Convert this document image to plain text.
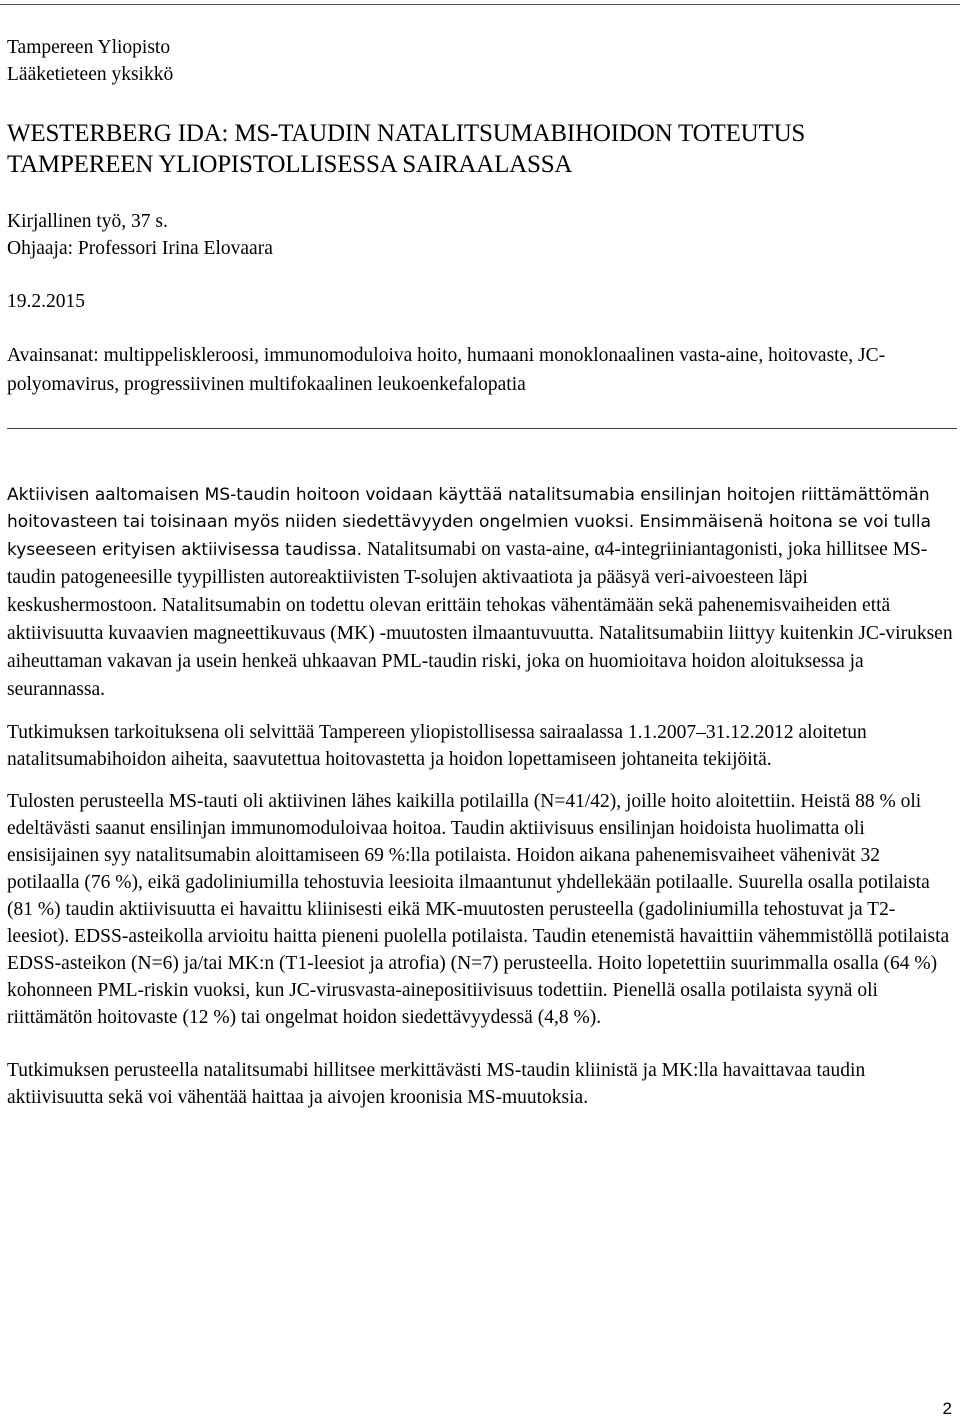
Tampereen Yliopisto

Lääketieteen yksikkö

WESTERBERG IDA: MS-TAUDIN NATALITSUMABIHOIDON TOTEUTUS

TAMPEREEN YLIOPISTOLLISESSA SAIRAALASSA

Kirjallinen työ, 37 s.

Ohjaaja: Professori Irina Elovaara

19.2.2015

Avainsanat: multippeliskleroosi, immunomoduloiva hoito, humaani monoklonaalinen vasta-aine, hoitovaste, JC-polyomavirus, progressiivinen multifokaalinen leukoenkefalopatia

Aktiivisen aaltomaisen MS-taudin hoitoon voidaan käyttää natalitsumabia ensilinjan hoitojen riittämättömän hoitovasteen tai toisinaan myös niiden siedettävyyden ongelmien vuoksi. Ensimmäisenä hoitona se voi tulla kyseeseen erityisen aktiivisessa taudissa. Natalitsumabi on vasta-aine, α4-integriiniantagonisti, joka hillitsee MS-taudin patogeneesille tyypillisten autoreaktiivisten T-solujen aktivaatiota ja pääsyä veri-aivoesteen läpi keskushermostoon. Natalitsumabin on todettu olevan erittäin tehokas vähentämään sekä pahenemisvaiheiden että aktiivisuutta kuvaavien magneettikuvaus (MK) -muutosten ilmaantuvuutta. Natalitsumabiin liittyy kuitenkin JC-viruksen aiheuttaman vakavan ja usein henkeä uhkaavan PML-taudin riski, joka on huomioitava hoidon aloituksessa ja seurannassa.

Tutkimuksen tarkoituksena oli selvittää Tampereen yliopistollisessa sairaalassa 1.1.2007–31.12.2012 aloitetun natalitsumabihoidon aiheita, saavutettua hoitovastetta ja hoidon lopettamiseen johtaneita tekijöitä.

Tulosten perusteella MS-tauti oli aktiivinen lähes kaikilla potilailla (N=41/42), joille hoito aloitettiin. Heistä 88 % oli edeltävästi saanut ensilinjan immunomoduloivaa hoitoa. Taudin aktiivisuus ensilinjan hoidoista huolimatta oli ensisijainen syy natalitsumabin aloittamiseen 69 %:lla potilaista. Hoidon aikana pahenemisvaiheet vähenivät 32 potilaalla (76 %), eikä gadoliniumilla tehostuvia leesioita ilmaantunut yhdellekään potilaalle. Suurella osalla potilaista (81 %) taudin aktiivisuutta ei havaittu kliinisesti eikä MK-muutosten perusteella (gadoliniumilla tehostuvat ja T2-leesiot). EDSS-asteikolla arvioitu haitta pieneni puolella potilaista. Taudin etenemistä havaittiin vähemmistöllä potilaista EDSS-asteikon (N=6) ja/tai MK:n (T1-leesiot ja atrofia) (N=7) perusteella. Hoito lopetettiin suurimmalla osalla (64 %) kohonneen PML-riskin vuoksi, kun JC-virusvasta-ainepositiivisuus todettiin. Pienellä osalla potilaista syynä oli riittämätön hoitovaste (12 %) tai ongelmat hoidon siedettävyydessä (4,8 %).

Tutkimuksen perusteella natalitsumabi hillitsee merkittävästi MS-taudin kliinistä ja MK:lla havaittavaa taudin aktiivisuutta sekä voi vähentää haittaa ja aivojen kroonisia MS-muutoksia.

2
